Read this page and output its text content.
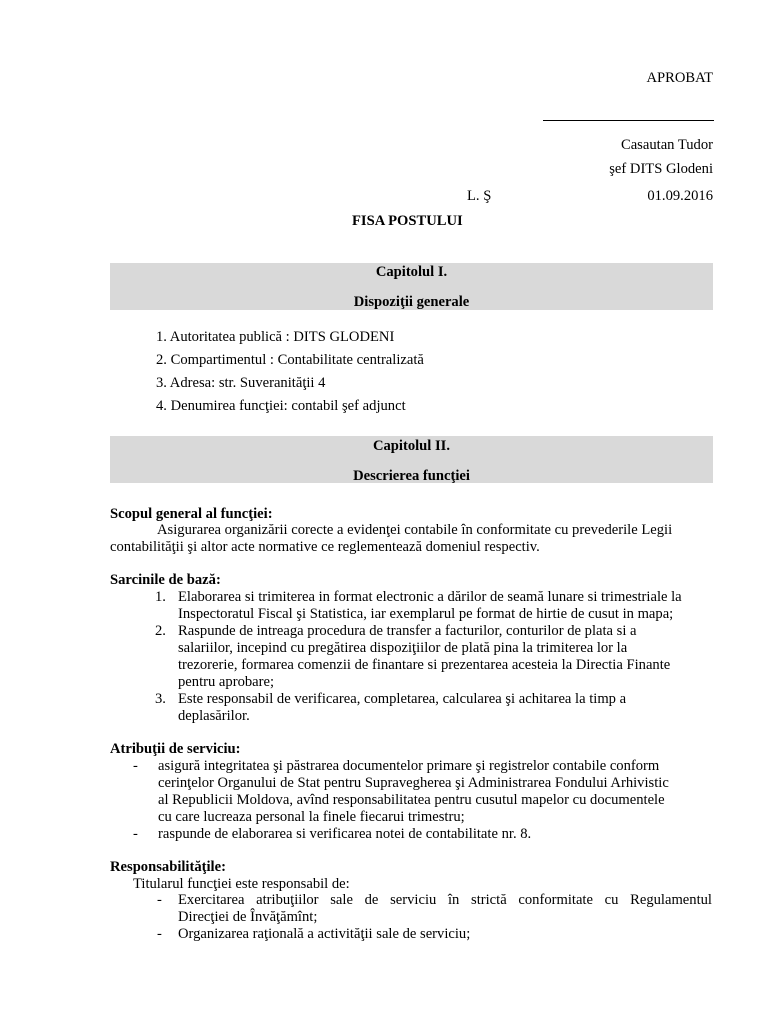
APROBAT
Casautan Tudor
şef DITS Glodeni
L. Ş	01.09.2016
FISA POSTULUI
Capitolul I.
Dispoziţii generale
1. Autoritatea publică : DITS GLODENI
2. Compartimentul : Contabilitate centralizată
3. Adresa: str. Suveranităţii 4
4. Denumirea funcţiei: contabil şef adjunct
Capitolul II.
Descrierea funcţiei
Scopul general al funcţiei:
Asigurarea organizării corecte a evidenţei contabile în conformitate cu prevederile Legii
contabilităţii şi altor acte normative ce reglementează domeniul respectiv.
Sarcinile de bază:
1. Elaborarea si trimiterea in format electronic a dărilor de seamă lunare si trimestriale la
Inspectoratul Fiscal şi Statistica, iar exemplarul pe format de hirtie de cusut in mapa;
2. Raspunde de intreaga procedura de transfer a facturilor, conturilor de plata si a
salariilor, incepind cu pregătirea dispoziţiilor de plată pina la trimiterea lor la
trezorerie, formarea comenzii de finantare si prezentarea acesteia la Directia Finante
pentru aprobare;
3. Este responsabil de verificarea, completarea, calcularea şi achitarea la timp a
deplasărilor.
Atribuţii de serviciu:
- asigură integritatea şi păstrarea documentelor primare şi registrelor contabile conform
cerinţelor Organului de Stat pentru Supravegherea şi Administrarea Fondului Arhivistic
al Republicii Moldova, avînd responsabilitatea pentru cusutul mapelor cu documentele
cu care lucreaza personal la finele fiecarui trimestru;
- raspunde de elaborarea si verificarea notei de contabilitate nr. 8.
Responsabilităţile:
Titularul funcţiei este responsabil de:
- Exercitarea atribuţiilor sale de serviciu în strictă conformitate cu Regulamentul
Direcţiei de Învăţămînt;
- Organizarea raţională a activităţii sale de serviciu;
